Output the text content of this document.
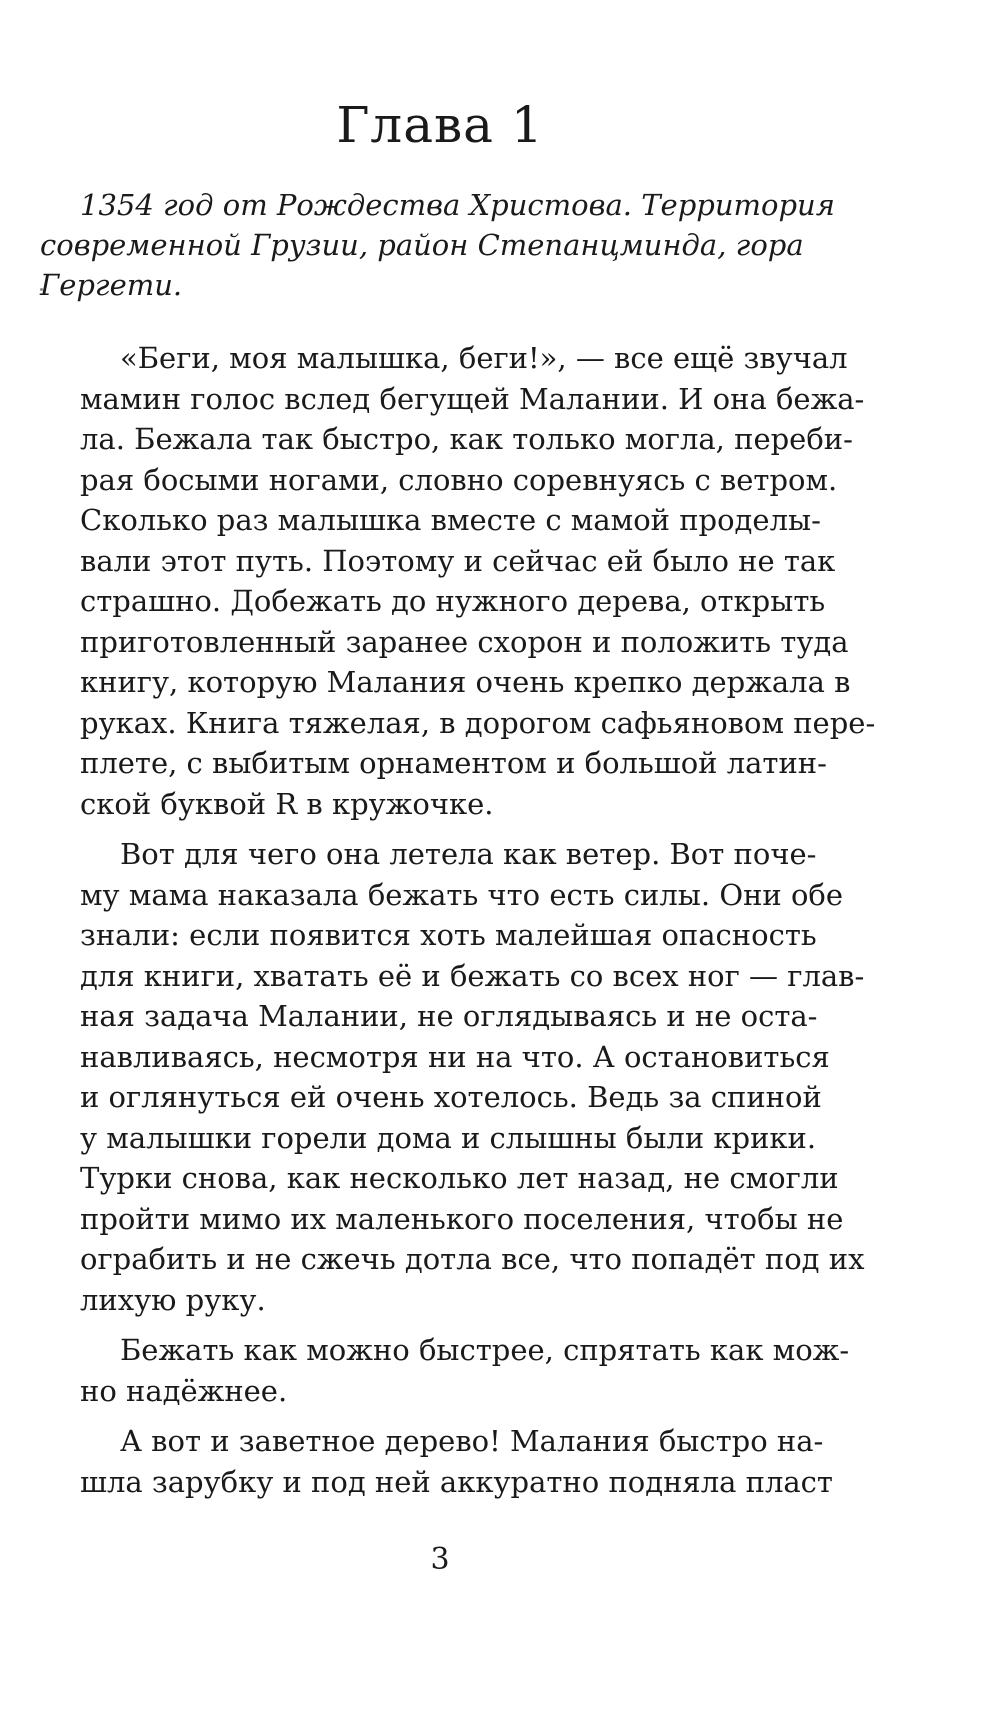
Глава 1

1354 год от Рождества Христова. Территория
современной Грузии, район Степанцминда, гора
Гергети.

«Беги, моя малышка, беги!», — все ещё звучал
мамин голос вслед бегущей Малании. И она бежа-
ла. Бежала так быстро, как только могла, переби-
рая босыми ногами, словно соревнуясь с ветром.
Сколько раз малышка вместе с мамой проделы-
вали этот путь. Поэтому и сейчас ей было не так
страшно. Добежать до нужного дерева, открыть
приготовленный заранее схорон и положить туда
книгу, которую Малания очень крепко держала в
руках. Книга тяжелая, в дорогом сафьяновом пере-
плете, с выбитым орнаментом и большой латин-
ской буквой R в кружочке.

Вот для чего она летела как ветер. Вот поче-
му мама наказала бежать что есть силы. Они обе
знали: если появится хоть малейшая опасность
для книги, хватать её и бежать со всех ног — глав-
ная задача Малании, не оглядываясь и не оста-
навливаясь, несмотря ни на что. А остановиться
и оглянуться ей очень хотелось. Ведь за спиной
у малышки горели дома и слышны были крики.
Турки снова, как несколько лет назад, не смогли
пройти мимо их маленького поселения, чтобы не
ограбить и не сжечь дотла все, что попадёт под их
лихую руку.

Бежать как можно быстрее, спрятать как мож-
но надёжнее.

А вот и заветное дерево! Малания быстро на-
шла зарубку и под ней аккуратно подняла пласт

3
